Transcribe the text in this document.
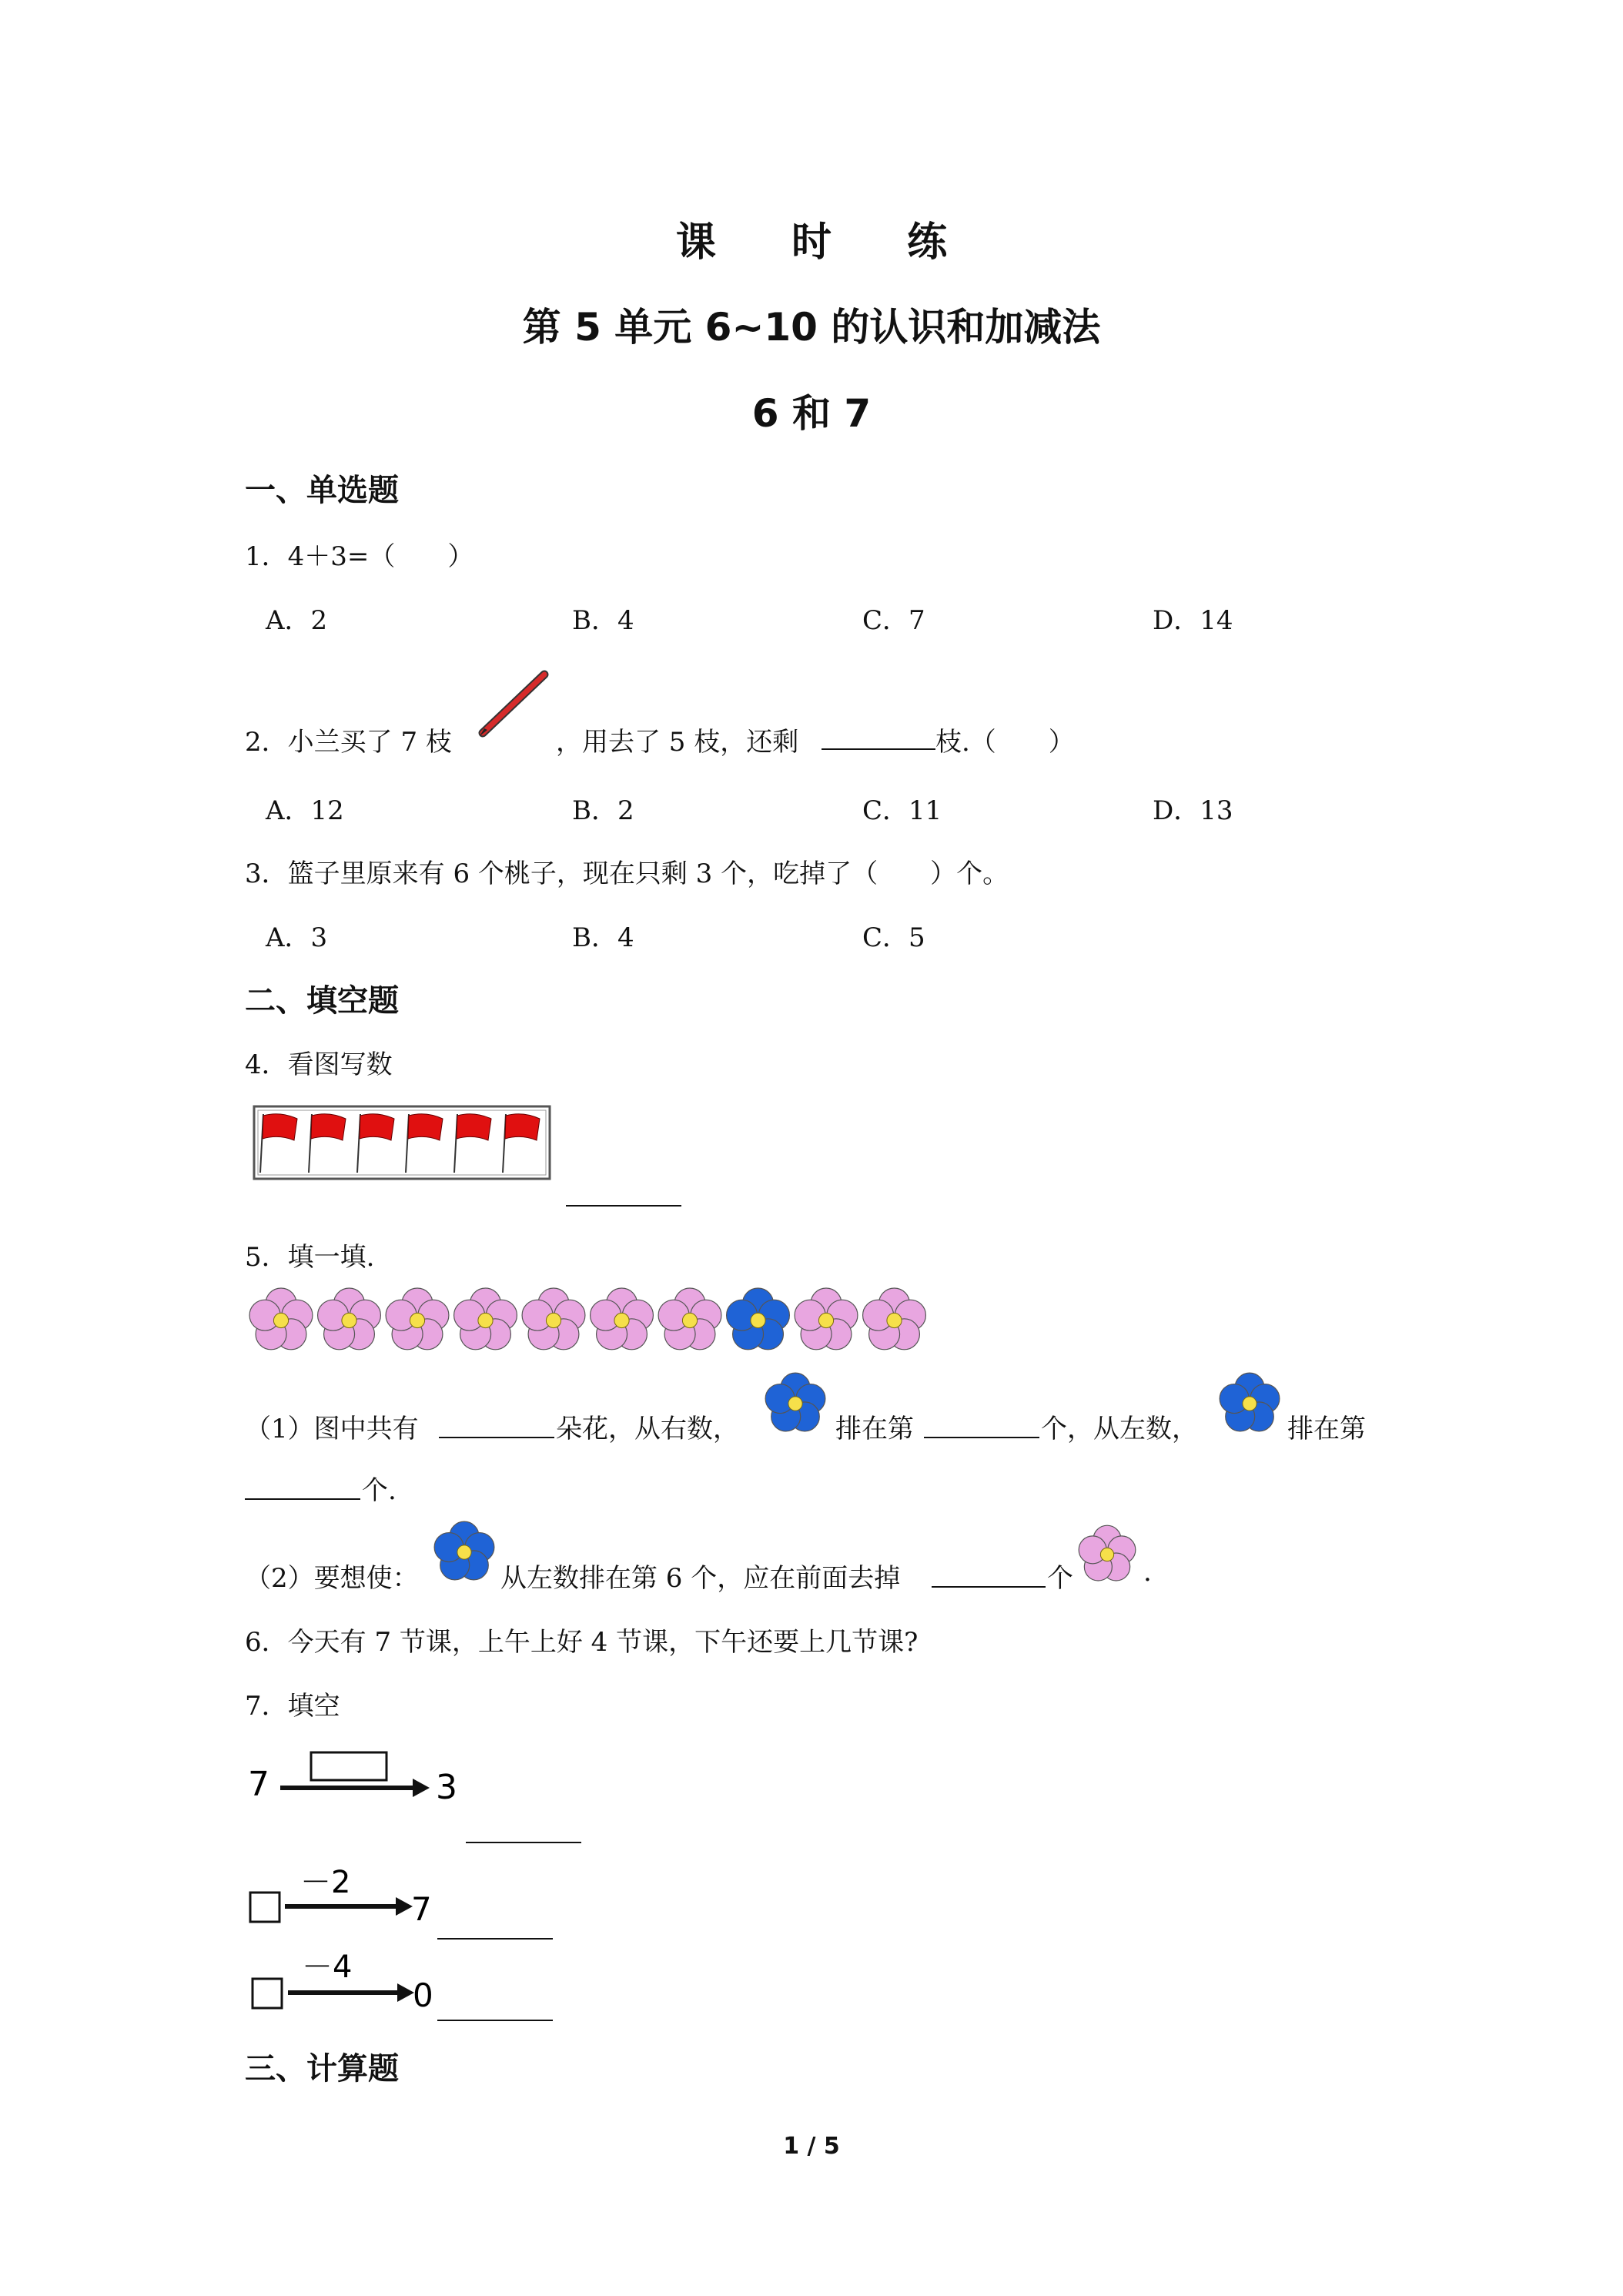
课 时 练
第 5 单元 6~10 的认识和加减法
6 和 7
一、单选题
1．4＋3=（　　）
A．2	B．4	C．7	D．14
2．小兰买了 7 枝	，用去了 5 枝，还剩	枝.（　　）
A．12	B．2	C．11	D．13
3．篮子里原来有 6 个桃子，现在只剩 3 个，吃掉了（　　）个。
A．3	B．4	C．5
二、填空题
4．看图写数
5．填一填.
（1）图中共有	朵花，从右数，	排在第	个，从左数，	排在第
个.
（2）要想使：	从左数排在第 6 个，应在前面去掉	个	.
6．今天有 7 节课，上午上好 4 节课，下午还要上几节课?
7．填空
7	3
－2
7
－4
0
三、计算题
1 / 5
